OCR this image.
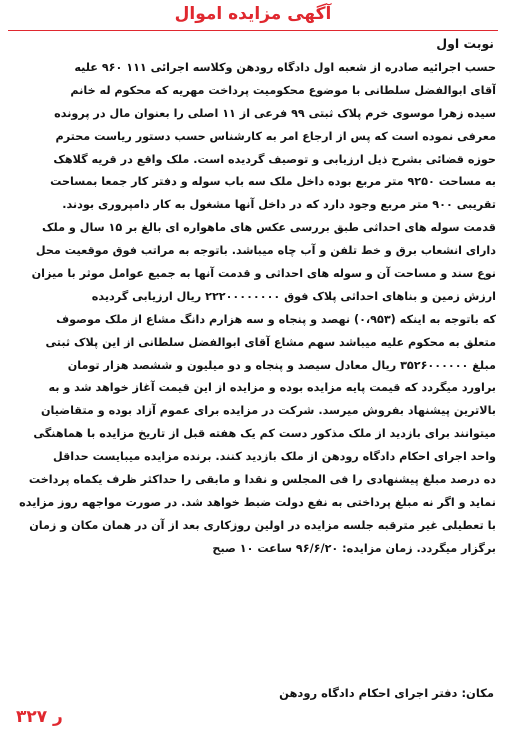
آگهی مزایده اموال
نوبت اول
حسب اجرائیه صادره از شعبه اول دادگاه رودهن وکلاسه اجرائی ۱۱۱ ۹۶۰ علیه
آقای ابوالفضل سلطانی با موضوع محکومیت پرداخت مهریه که محکوم له خانم
سیده زهرا موسوی خرم پلاک ثبتی ۹۹ فرعی از ۱۱ اصلی را بعنوان مال در پرونده
معرفی نموده است که پس از ارجاع امر به کارشناس حسب دستور ریاست محترم
حوزه قضائی بشرح ذیل ارزیابی و توصیف گردیده است. ملک واقع در قریه گلاهک
به مساحت ۹۲۵۰ متر مربع بوده داخل ملک سه باب سوله و دفتر کار جمعا بمساحت
تقریبی ۹۰۰ متر مربع وجود دارد که در داخل آنها مشغول به کار دامپروری بودند.
قدمت سوله های احداثی طبق بررسی عکس های ماهواره ای بالغ بر ۱۵ سال و ملک
دارای انشعاب برق و خط تلفن و آب چاه میباشد. باتوجه به مراتب فوق موقعیت محل
نوع سند و مساحت آن و سوله های احداثی و قدمت آنها به جمیع عوامل موثر با میزان
ارزش زمین و بناهای احداثی پلاک فوق ۲۲۲۰۰۰۰۰۰۰۰ ریال ارزیابی گردیده
که باتوجه به اینکه (۰،۹۵۳) نهصد و پنجاه و سه هزارم دانگ مشاع از ملک موصوف
متعلق به محکوم علیه میباشد سهم مشاع آقای ابوالفضل سلطانی از این پلاک ثبتی
مبلغ ۳۵۲۶۰۰۰۰۰۰ ریال معادل سیصد و پنجاه و دو میلیون و ششصد هزار تومان
براورد میگردد که قیمت پایه مزایده بوده و مزایده از این قیمت آغاز خواهد شد و به
بالاترین پیشنهاد بفروش میرسد. شرکت در مزایده برای عموم آزاد بوده و متقاضیان
میتوانند برای بازدید از ملک مذکور دست کم یک هفته قبل از تاریخ مزایده با هماهنگی
واحد اجرای احکام دادگاه رودهن از ملک بازدید کنند. برنده مزایده میبایست حداقل
ده درصد مبلغ پیشنهادی را فی المجلس و نقدا و مابقی را حداکثر ظرف یکماه پرداخت
نماید و اگر نه مبلغ پرداختی به نفع دولت ضبط خواهد شد. در صورت مواجهه روز مزایده
با تعطیلی غیر مترقبه جلسه مزایده در اولین روزکاری بعد از آن در همان مکان و زمان
برگزار میگردد. زمان مزایده: ۹۶/۶/۲۰ ساعت ۱۰ صبح
مکان: دفتر اجرای احکام دادگاه رودهن
ر ۳۲۷
